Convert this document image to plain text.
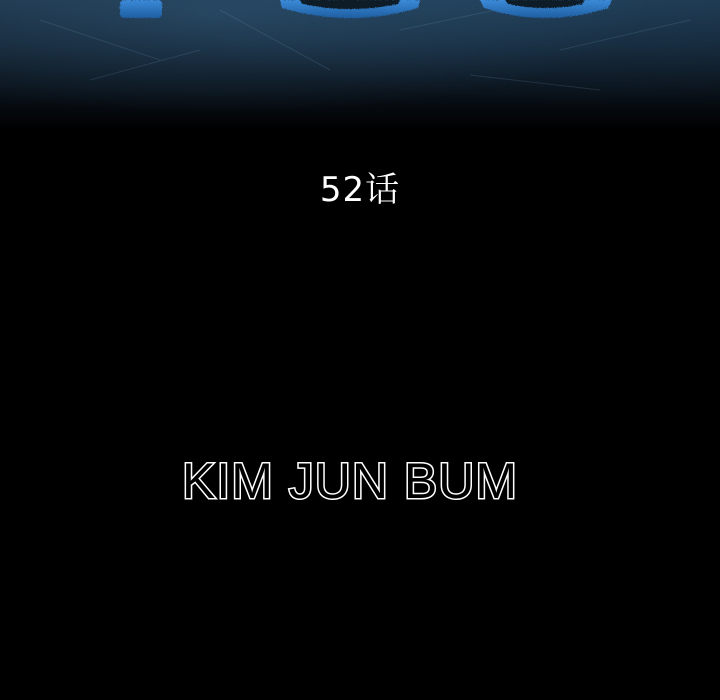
52话
KIM JUN BUM
